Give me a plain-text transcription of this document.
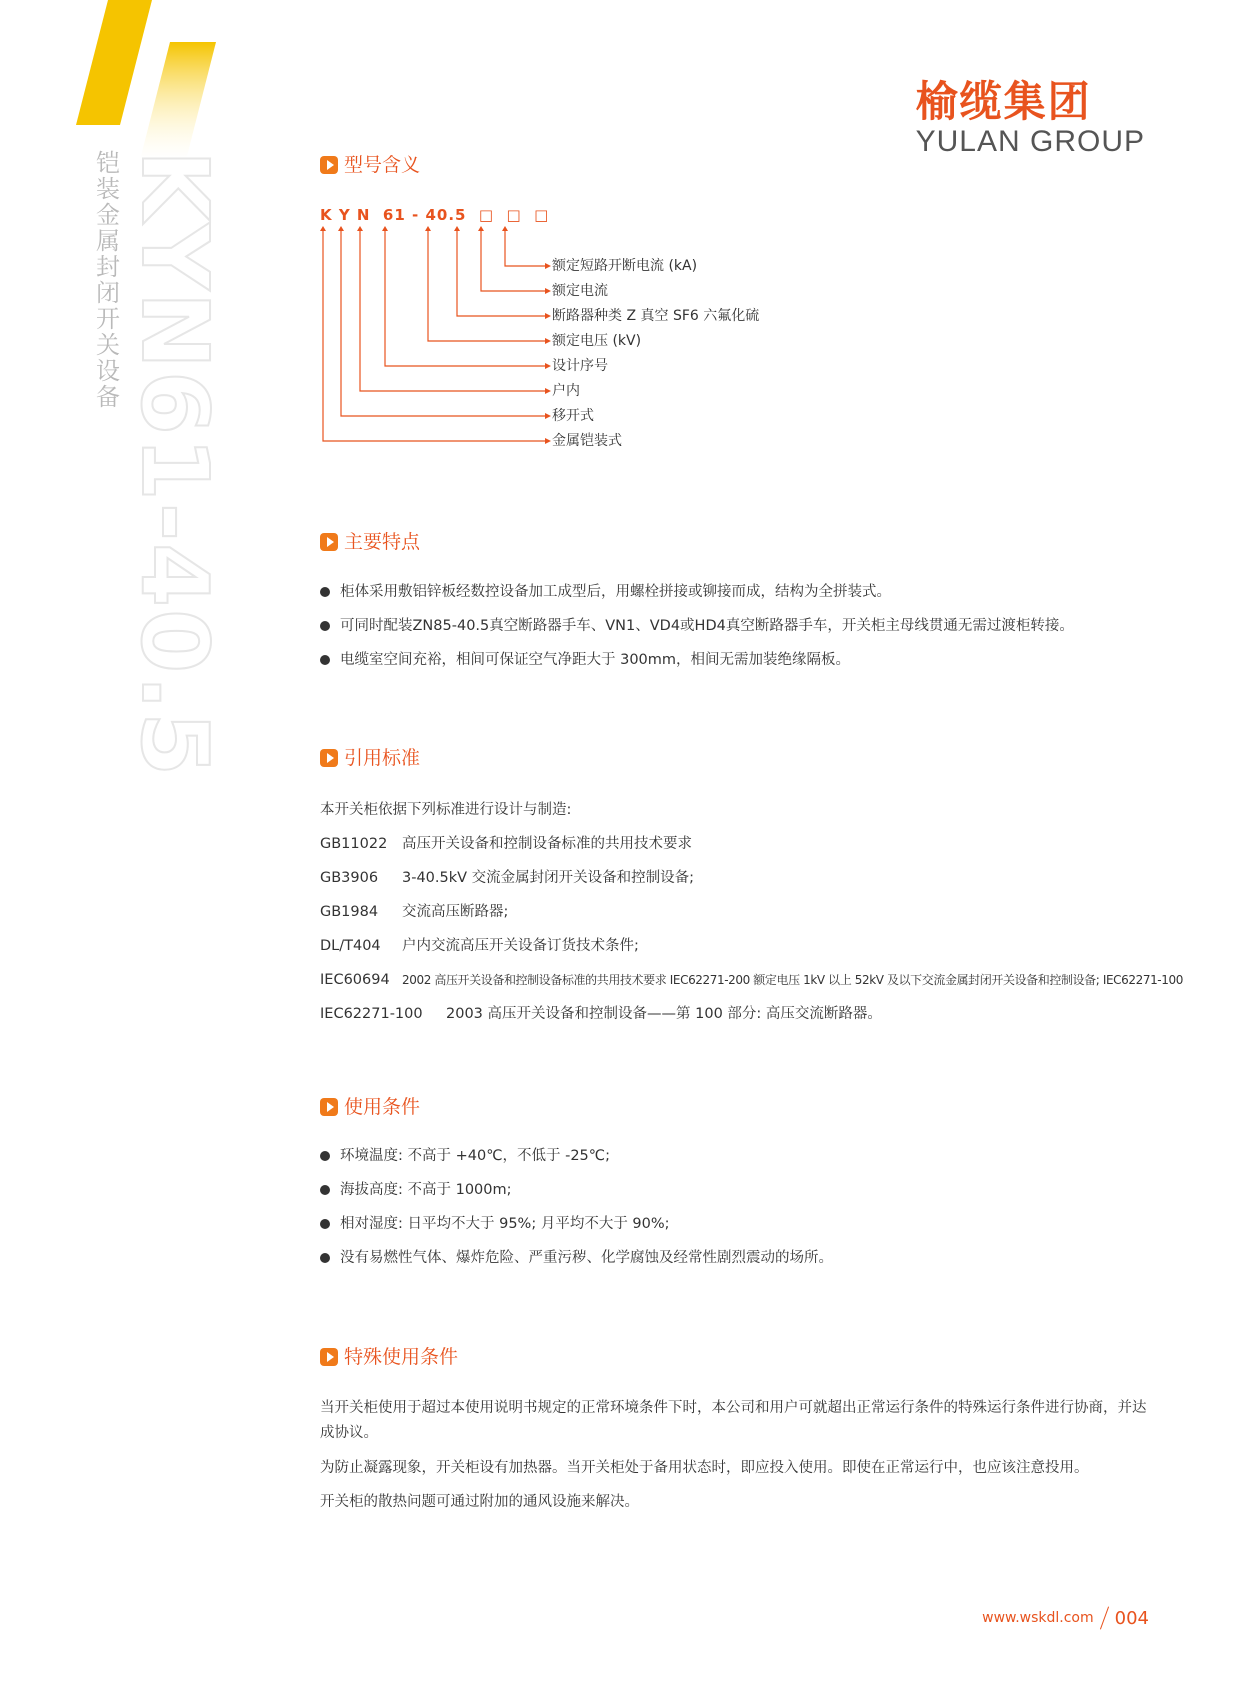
铠装金属封闭开关设备 KYN61-40.5
榆缆集团
YULAN GROUP
型号含义
K Y N  61 - 40.5  □  □  □
额定短路开断电流 (kA)
额定电流
断路器种类 Z 真空 SF6 六氟化硫
额定电压 (kV)
设计序号
户内
移开式
金属铠装式
主要特点
柜体采用敷铝锌板经数控设备加工成型后，用螺栓拼接或铆接而成，结构为全拼装式。
可同时配装ZN85-40.5真空断路器手车、VN1、VD4或HD4真空断路器手车，开关柜主母线贯通无需过渡柜转接。
电缆室空间充裕，相间可保证空气净距大于 300mm，相间无需加装绝缘隔板。
引用标准
本开关柜依据下列标准进行设计与制造:
GB11022	高压开关设备和控制设备标准的共用技术要求
GB3906	3-40.5kV 交流金属封闭开关设备和控制设备;
GB1984	交流高压断路器;
DL/T404	户内交流高压开关设备订货技术条件;
IEC60694	2002 高压开关设备和控制设备标准的共用技术要求 IEC62271-200 额定电压 1kV 以上 52kV 及以下交流金属封闭开关设备和控制设备; IEC62271-100
IEC62271-100	2003 高压开关设备和控制设备——第 100 部分: 高压交流断路器。
使用条件
环境温度: 不高于 +40℃，不低于 -25℃;
海拔高度: 不高于 1000m;
相对湿度: 日平均不大于 95%; 月平均不大于 90%;
没有易燃性气体、爆炸危险、严重污秽、化学腐蚀及经常性剧烈震动的场所。
特殊使用条件
当开关柜使用于超过本使用说明书规定的正常环境条件下时，本公司和用户可就超出正常运行条件的特殊运行条件进行协商，并达成协议。
为防止凝露现象，开关柜设有加热器。当开关柜处于备用状态时，即应投入使用。即使在正常运行中，也应该注意投用。
开关柜的散热问题可通过附加的通风设施来解决。
www.wskdl.com 004
